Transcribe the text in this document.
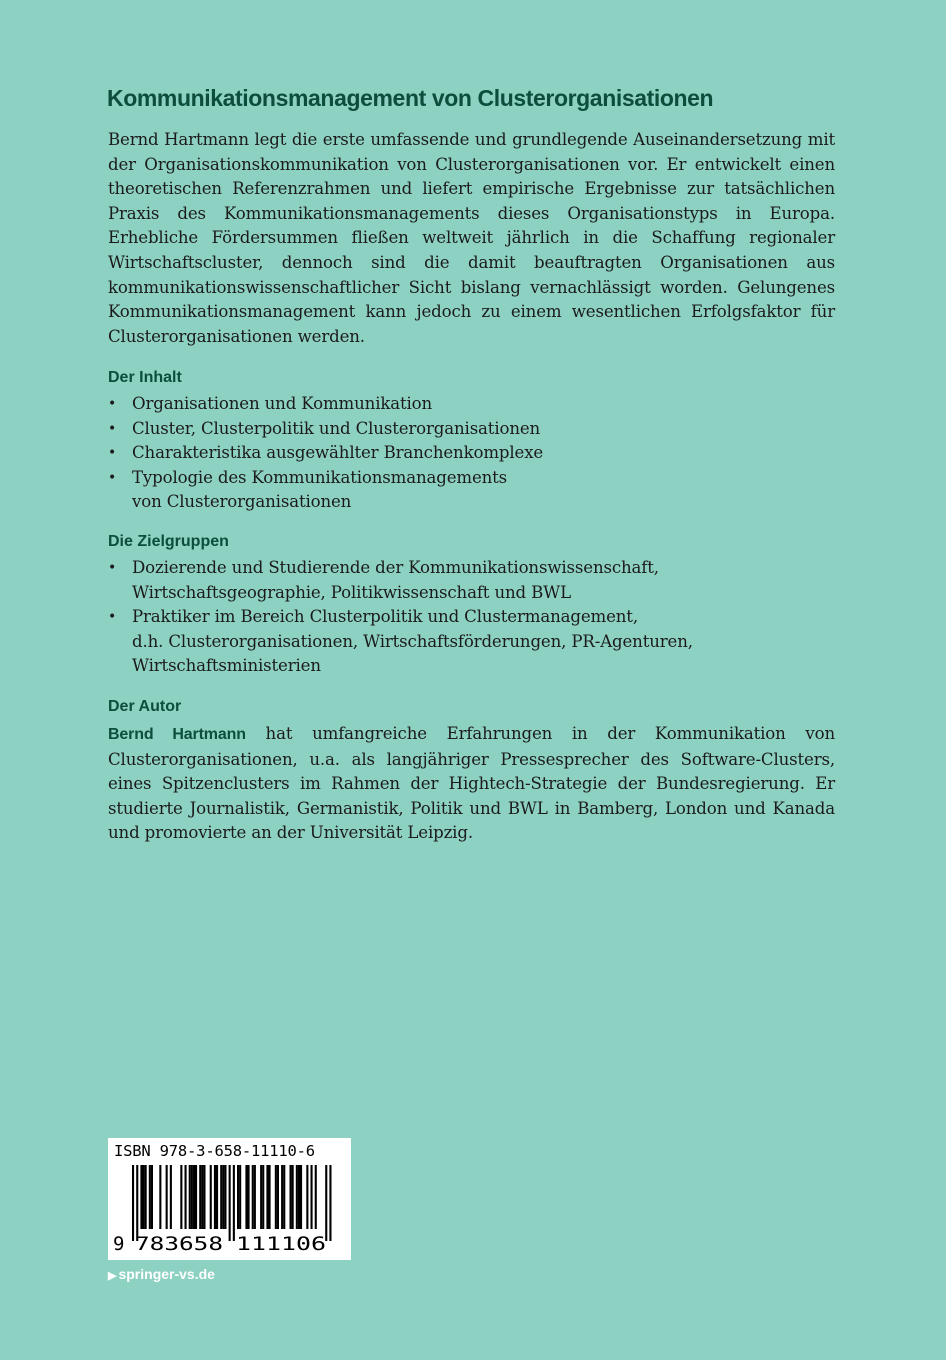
Kommunikationsmanagement von Clusterorganisationen

Bernd Hartmann legt die erste umfassende und grundlegende Auseinandersetzung mit der Organisationskommunikation von Clusterorganisationen vor. Er entwickelt einen theoretischen Referenzrahmen und liefert empirische Ergebnisse zur tatsächlichen Praxis des Kommunikationsmanagements dieses Organisationstyps in Europa. Erhebliche Fördersummen fließen weltweit jährlich in die Schaffung regionaler Wirtschaftscluster, dennoch sind die damit beauftragten Organisationen aus kommunikationswissenschaftlicher Sicht bislang vernachlässigt worden. Gelungenes Kommunikationsmanagement kann jedoch zu einem wesentlichen Erfolgsfaktor für Clusterorganisationen werden.

Der Inhalt
• Organisationen und Kommunikation
• Cluster, Clusterpolitik und Clusterorganisationen
• Charakteristika ausgewählter Branchenkomplexe
• Typologie des Kommunikationsmanagements
von Clusterorganisationen
Die Zielgruppen
• Dozierende und Studierende der Kommunikationswissenschaft,
Wirtschaftsgeographie, Politikwissenschaft und BWL
• Praktiker im Bereich Clusterpolitik und Clustermanagement,
d.h. Clusterorganisationen, Wirtschaftsförderungen, PR-Agenturen,
Wirtschaftsministerien
Der Autor

Bernd Hartmann hat umfangreiche Erfahrungen in der Kommunikation von Clusterorganisationen, u.a. als langjähriger Pressesprecher des Software-Clusters, eines Spitzenclusters im Rahmen der Hightech-Strategie der Bundesregierung. Er studierte Journalistik, Germanistik, Politik und BWL in Bamberg, London und Kanada und promovierte an der Universität Leipzig.

ISBN 978-3-658-11110-6
9 783658 111106
▶ springer-vs.de
